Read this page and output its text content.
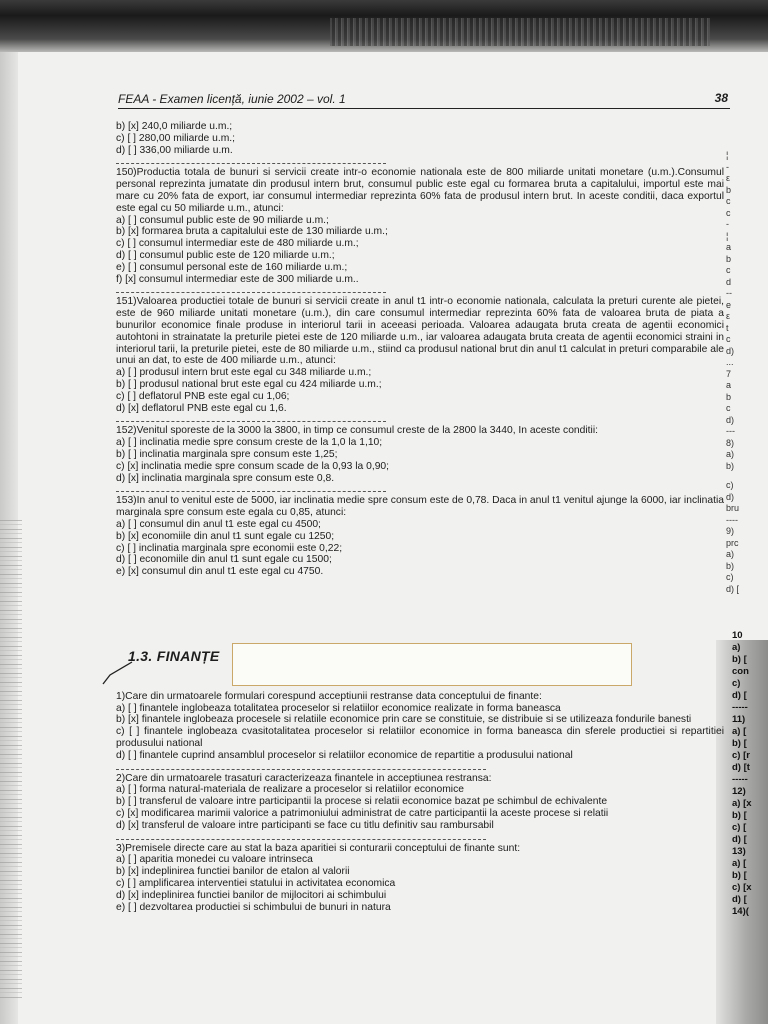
FEAA - Examen licență, iunie 2002 – vol. 1	38
b) [x] 240,0 miliarde u.m.;
c) [ ] 280,00 miliarde u.m.;
d) [ ] 336,00 miliarde u.m.
150)Productia totala de bunuri si servicii create intr-o economie nationala este de 800 miliarde unitati monetare (u.m.).Consumul personal reprezinta jumatate din produsul intern brut, consumul public este egal cu formarea bruta a capitalului, importul este mai mare cu 20% fata de export, iar consumul intermediar reprezinta 60% fata de produsul intern brut. In aceste conditii, daca exportul este egal cu 50 miliarde u.m., atunci:
a) [ ] consumul public este de 90 miliarde u.m.;
b) [x] formarea bruta a capitalului este de 130 miliarde u.m.;
c) [ ] consumul intermediar este de 480 miliarde u.m.;
d) [ ] consumul public este de 120 miliarde u.m.;
e) [ ] consumul personal este de 160 miliarde u.m.;
f) [x] consumul intermediar este de 300 miliarde u.m..
151)Valoarea productiei totale de bunuri si servicii create in anul t1 intr-o economie nationala, calculata la preturi curente ale pietei, este de 960 miliarde unitati monetare (u.m.), din care consumul intermediar reprezinta 60% fata de valoarea bruta de piata a bunurilor economice finale produse in interiorul tarii in aceeasi perioada. Valoarea adaugata bruta creata de agentii economici autohtoni in strainatate la preturile pietei este de 120 miliarde u.m., iar valoarea adaugata bruta creata de agentii economici straini in interiorul tarii, la preturile pietei, este de 80 miliarde u.m., stiind ca produsul national brut din anul t1 calculat in preturi comparabile ale unui an dat, to este de 400 miliarde u.m., atunci:
a) [ ] produsul intern brut este egal cu 348 miliarde u.m.;
b) [ ] produsul national brut este egal cu 424 miliarde u.m.;
c) [ ] deflatorul PNB este egal cu 1,06;
d) [x] deflatorul PNB este egal cu 1,6.
152)Venitul sporeste de la 3000 la 3800, in timp ce consumul creste de la 2800 la 3440, In aceste conditii:
a) [ ] inclinatia medie spre consum creste de la 1,0 la 1,10;
b) [ ] inclinatia marginala spre consum este 1,25;
c) [x] inclinatia medie spre consum scade de la 0,93 la 0,90;
d) [x] inclinatia marginala spre consum este 0,8.
153)In anul to venitul este de 5000, iar inclinatia medie spre consum este de 0,78. Daca in anul t1 venitul ajunge la 6000, iar inclinatia marginala spre consum este egala cu 0,85, atunci:
a) [ ] consumul din anul t1 este egal cu 4500;
b) [x] economiile din anul t1 sunt egale cu 1250;
c) [ ] inclinatia marginala spre economii este 0,22;
d) [ ] economiile din anul t1 sunt egale cu 1500;
e) [x] consumul din anul t1 este egal cu 4750.
1.3. FINANȚE
1)Care din urmatoarele formulari corespund acceptiunii restranse data conceptului de finante:
a) [ ] finantele inglobeaza totalitatea proceselor si relatiilor economice realizate in forma baneasca
b) [x] finantele inglobeaza procesele si relatiile economice prin care se constituie, se distribuie si se utilizeaza fondurile banesti
c) [ ] finantele inglobeaza cvasitotalitatea proceselor si relatiilor economice in forma baneasca din sferele productiei si repartitiei produsului national
d) [ ] finantele cuprind ansamblul proceselor si relatiilor economice de repartitie a produsului national
2)Care din urmatoarele trasaturi caracterizeaza finantele in acceptiunea restransa:
a) [ ] forma natural-materiala de realizare a proceselor si relatiilor economice
b) [ ] transferul de valoare intre participantii la procese si relatii economice bazat pe schimbul de echivalente
c) [x] modificarea marimii valorice a patrimoniului administrat de catre participantii la aceste procese si relatii
d) [x] transferul de valoare intre participanti se face cu titlu definitiv sau rambursabil
3)Premisele directe care au stat la baza aparitiei si conturarii conceptului de finante sunt:
a) [ ] aparitia monedei cu valoare intrinseca
b) [x] indeplinirea functiei banilor de etalon al valorii
c) [ ] amplificarea interventiei statului in activitatea economica
d) [x] indeplinirea functiei banilor de mijlocitori ai schimbului
e) [ ] dezvoltarea productiei si schimbului de bunuri in natura
¦
-
ε
b
c
c
-
¦
a
b
c
d
--
e
ε
t
c
d)
...
7
a
b
c
d)
---
8)
a)
b)
c)
d)
bru
----
9)
prc
a)
b)
c)
d) [
10
a)
b) [
con
c)
d) [
-----
11)
a) [
b) [
c) [r
d) [t
-----
12)
a) [x
b) [
c) [
d) [
13)
a) [
b) [
c) [x
d) [
14)(
